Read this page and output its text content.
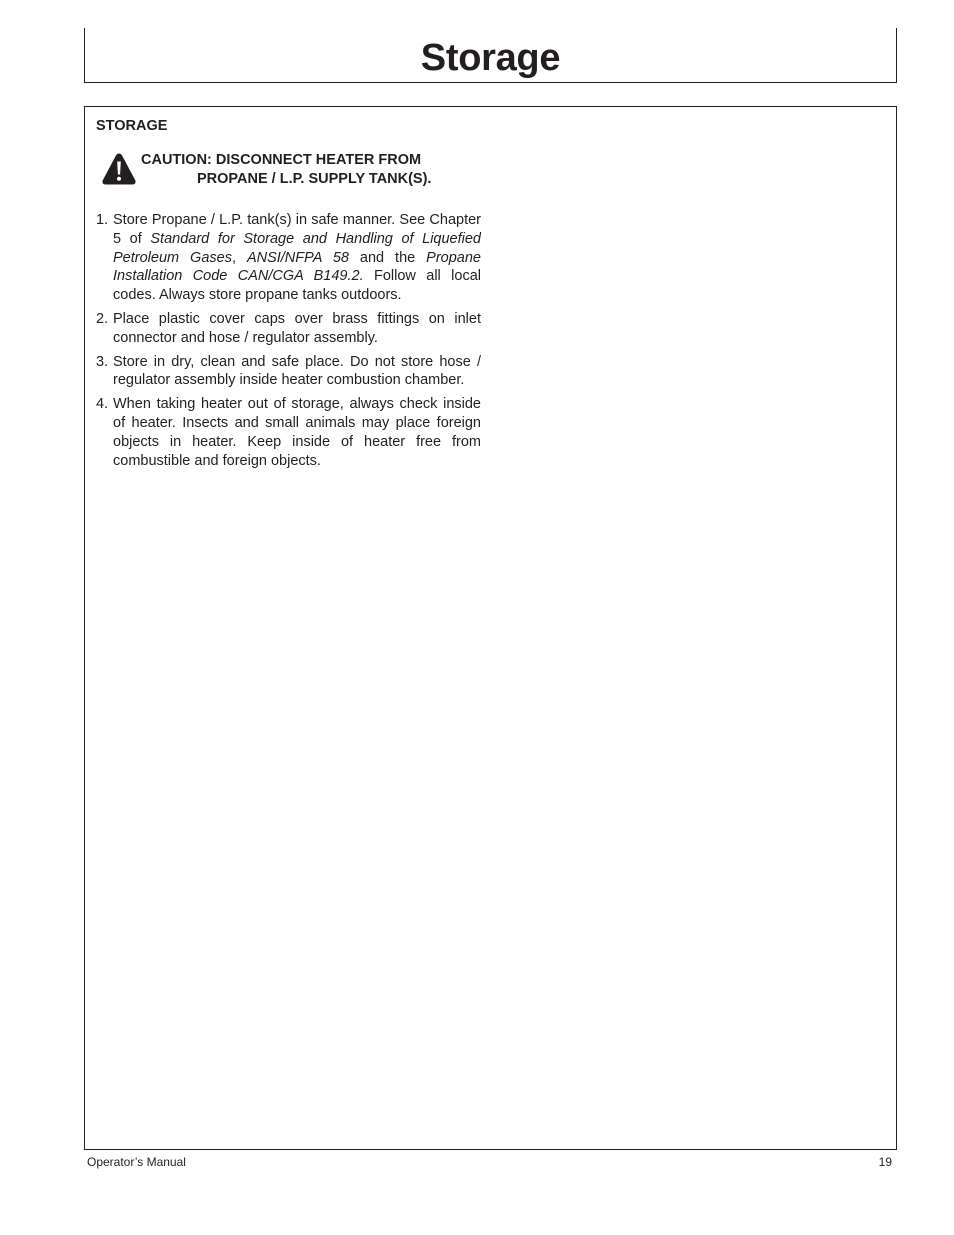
Storage

STORAGE

CAUTION: DISCONNECT HEATER FROM
PROPANE / L.P. SUPPLY TANK(S).
1. Store Propane / L.P. tank(s) in safe manner. See Chapter 5 of Standard for Storage and Handling of Liquefied Petroleum Gases, ANSI/NFPA 58 and the Propane Installation Code CAN/CGA B149.2. Follow all local codes. Always store propane tanks outdoors.
2. Place plastic cover caps over brass fittings on inlet connector and hose / regulator assembly.
3. Store in dry, clean and safe place. Do not store hose / regulator assembly inside heater combustion chamber.
4. When taking heater out of storage, always check inside of heater. Insects and small animals may place foreign objects in heater. Keep inside of heater free from combustible and foreign objects.
Operator’s Manual	19
